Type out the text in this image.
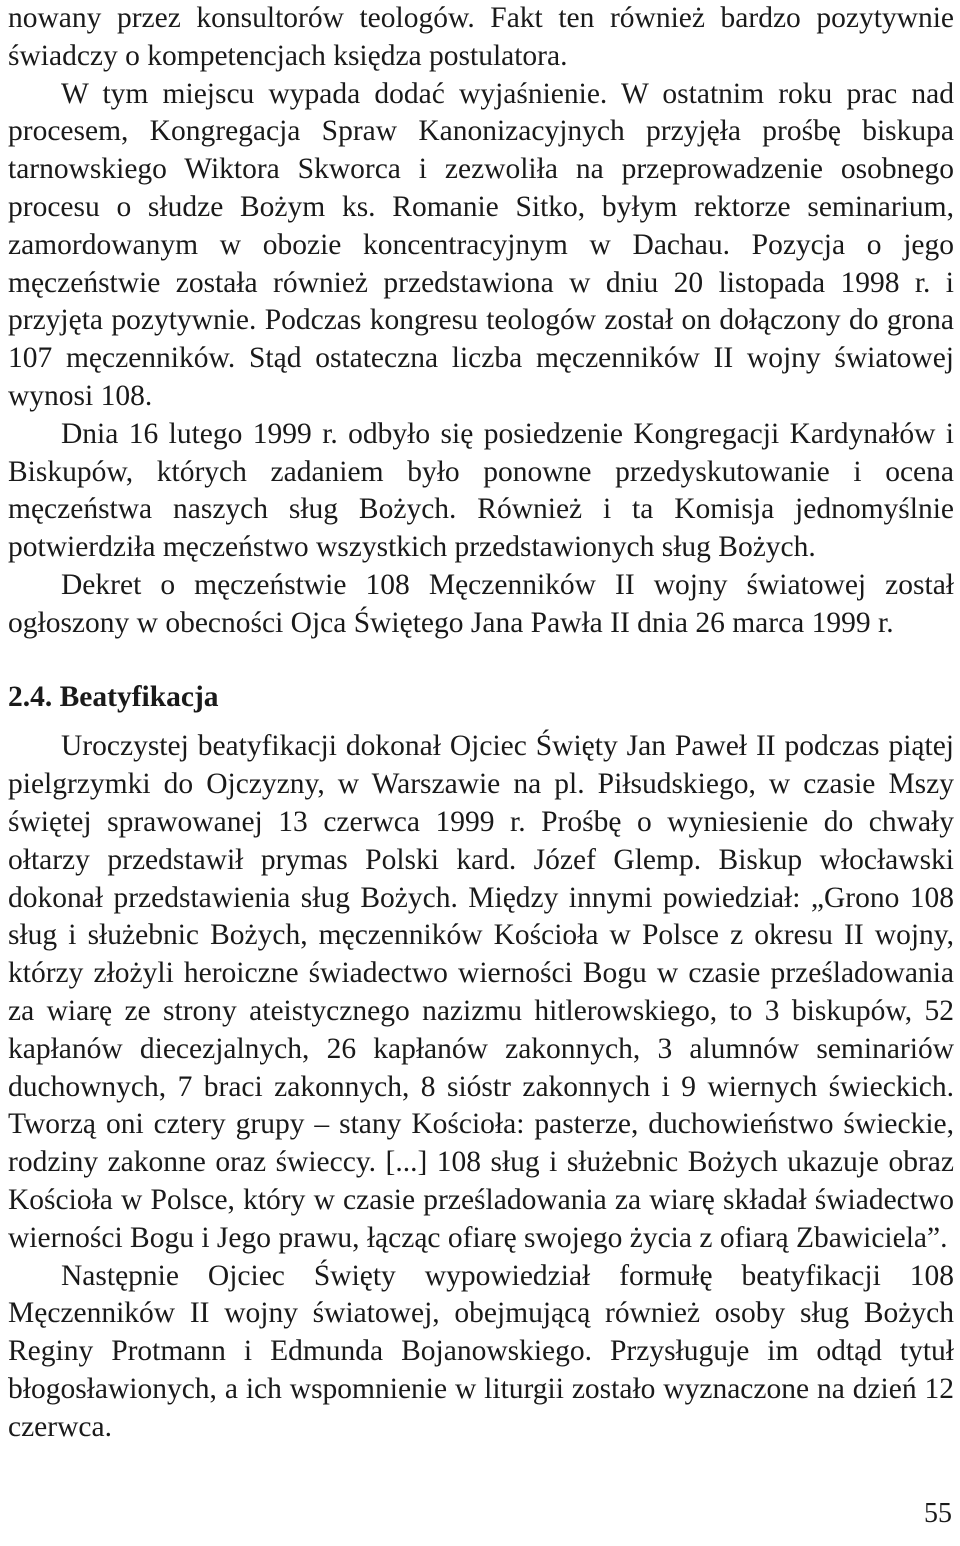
nowany przez konsultorów teologów. Fakt ten również bardzo pozytywnie świadczy o kompetencjach księdza postulatora.

W tym miejscu wypada dodać wyjaśnienie. W ostatnim roku prac nad procesem, Kongregacja Spraw Kanonizacyjnych przyjęła prośbę biskupa tarnowskiego Wiktora Skworca i zezwoliła na przeprowadzenie osobnego procesu o słudze Bożym ks. Romanie Sitko, byłym rektorze seminarium, zamordowanym w obozie koncentracyjnym w Dachau. Pozycja o jego męczeństwie została również przedstawiona w dniu 20 listopada 1998 r. i przyjęta pozytywnie. Podczas kongresu teologów został on dołączony do grona 107 męczenników. Stąd ostateczna liczba męczenników II wojny światowej wynosi 108.

Dnia 16 lutego 1999 r. odbyło się posiedzenie Kongregacji Kardynałów i Biskupów, których zadaniem było ponowne przedyskutowanie i ocena męczeństwa naszych sług Bożych. Również i ta Komisja jednomyślnie potwierdziła męczeństwo wszystkich przedstawionych sług Bożych.

Dekret o męczeństwie 108 Męczenników II wojny światowej został ogłoszony w obecności Ojca Świętego Jana Pawła II dnia 26 marca 1999 r.

2.4. Beatyfikacja

Uroczystej beatyfikacji dokonał Ojciec Święty Jan Paweł II podczas piątej pielgrzymki do Ojczyzny, w Warszawie na pl. Piłsudskiego, w czasie Mszy świętej sprawowanej 13 czerwca 1999 r. Prośbę o wyniesienie do chwały ołtarzy przedstawił prymas Polski kard. Józef Glemp. Biskup włocławski dokonał przedstawienia sług Bożych. Między innymi powiedział: „Grono 108 sług i służebnic Bożych, męczenników Kościoła w Polsce z okresu II wojny, którzy złożyli heroiczne świadectwo wierności Bogu w czasie prześladowania za wiarę ze strony ateistycznego nazizmu hitlerowskiego, to 3 biskupów, 52 kapłanów diecezjalnych, 26 kapłanów zakonnych, 3 alumnów seminariów duchownych, 7 braci zakonnych, 8 sióstr zakonnych i 9 wiernych świeckich. Tworzą oni cztery grupy – stany Kościoła: pasterze, duchowieństwo świeckie, rodziny zakonne oraz świeccy. [...] 108 sług i służebnic Bożych ukazuje obraz Kościoła w Polsce, który w czasie prześladowania za wiarę składał świadectwo wierności Bogu i Jego prawu, łącząc ofiarę swojego życia z ofiarą Zbawiciela”.

Następnie Ojciec Święty wypowiedział formułę beatyfikacji 108 Męczenników II wojny światowej, obejmującą również osoby sług Bożych Reginy Protmann i Edmunda Bojanowskiego. Przysługuje im odtąd tytuł błogosławionych, a ich wspomnienie w liturgii zostało wyznaczone na dzień 12 czerwca.

55
